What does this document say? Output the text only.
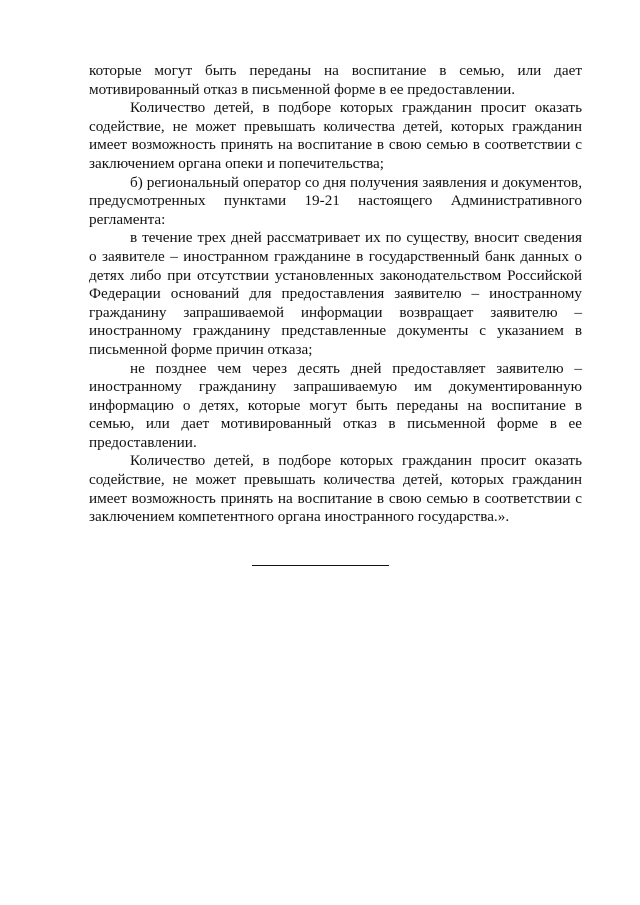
которые могут быть переданы на воспитание в семью, или дает мотивированный отказ в письменной форме в ее предоставлении.

Количество детей, в подборе которых гражданин просит оказать содействие, не может превышать количества детей, которых гражданин имеет возможность принять на воспитание в свою семью в соответствии с заключением органа опеки и попечительства;

б) региональный оператор со дня получения заявления и документов, предусмотренных пунктами 19-21 настоящего Административного регламента:

в течение трех дней рассматривает их по существу, вносит сведения о заявителе – иностранном гражданине в государственный банк данных о детях либо при отсутствии установленных законодательством Российской Федерации оснований для предоставления заявителю – иностранному гражданину запрашиваемой информации возвращает заявителю – иностранному гражданину представленные документы с указанием в письменной форме причин отказа;

не позднее чем через десять дней предоставляет заявителю – иностранному гражданину запрашиваемую им документированную информацию о детях, которые могут быть переданы на воспитание в семью, или дает мотивированный отказ в письменной форме в ее предоставлении.

Количество детей, в подборе которых гражданин просит оказать содействие, не может превышать количества детей, которых гражданин имеет возможность принять на воспитание в свою семью в соответствии с заключением компетентного органа иностранного государства.».
